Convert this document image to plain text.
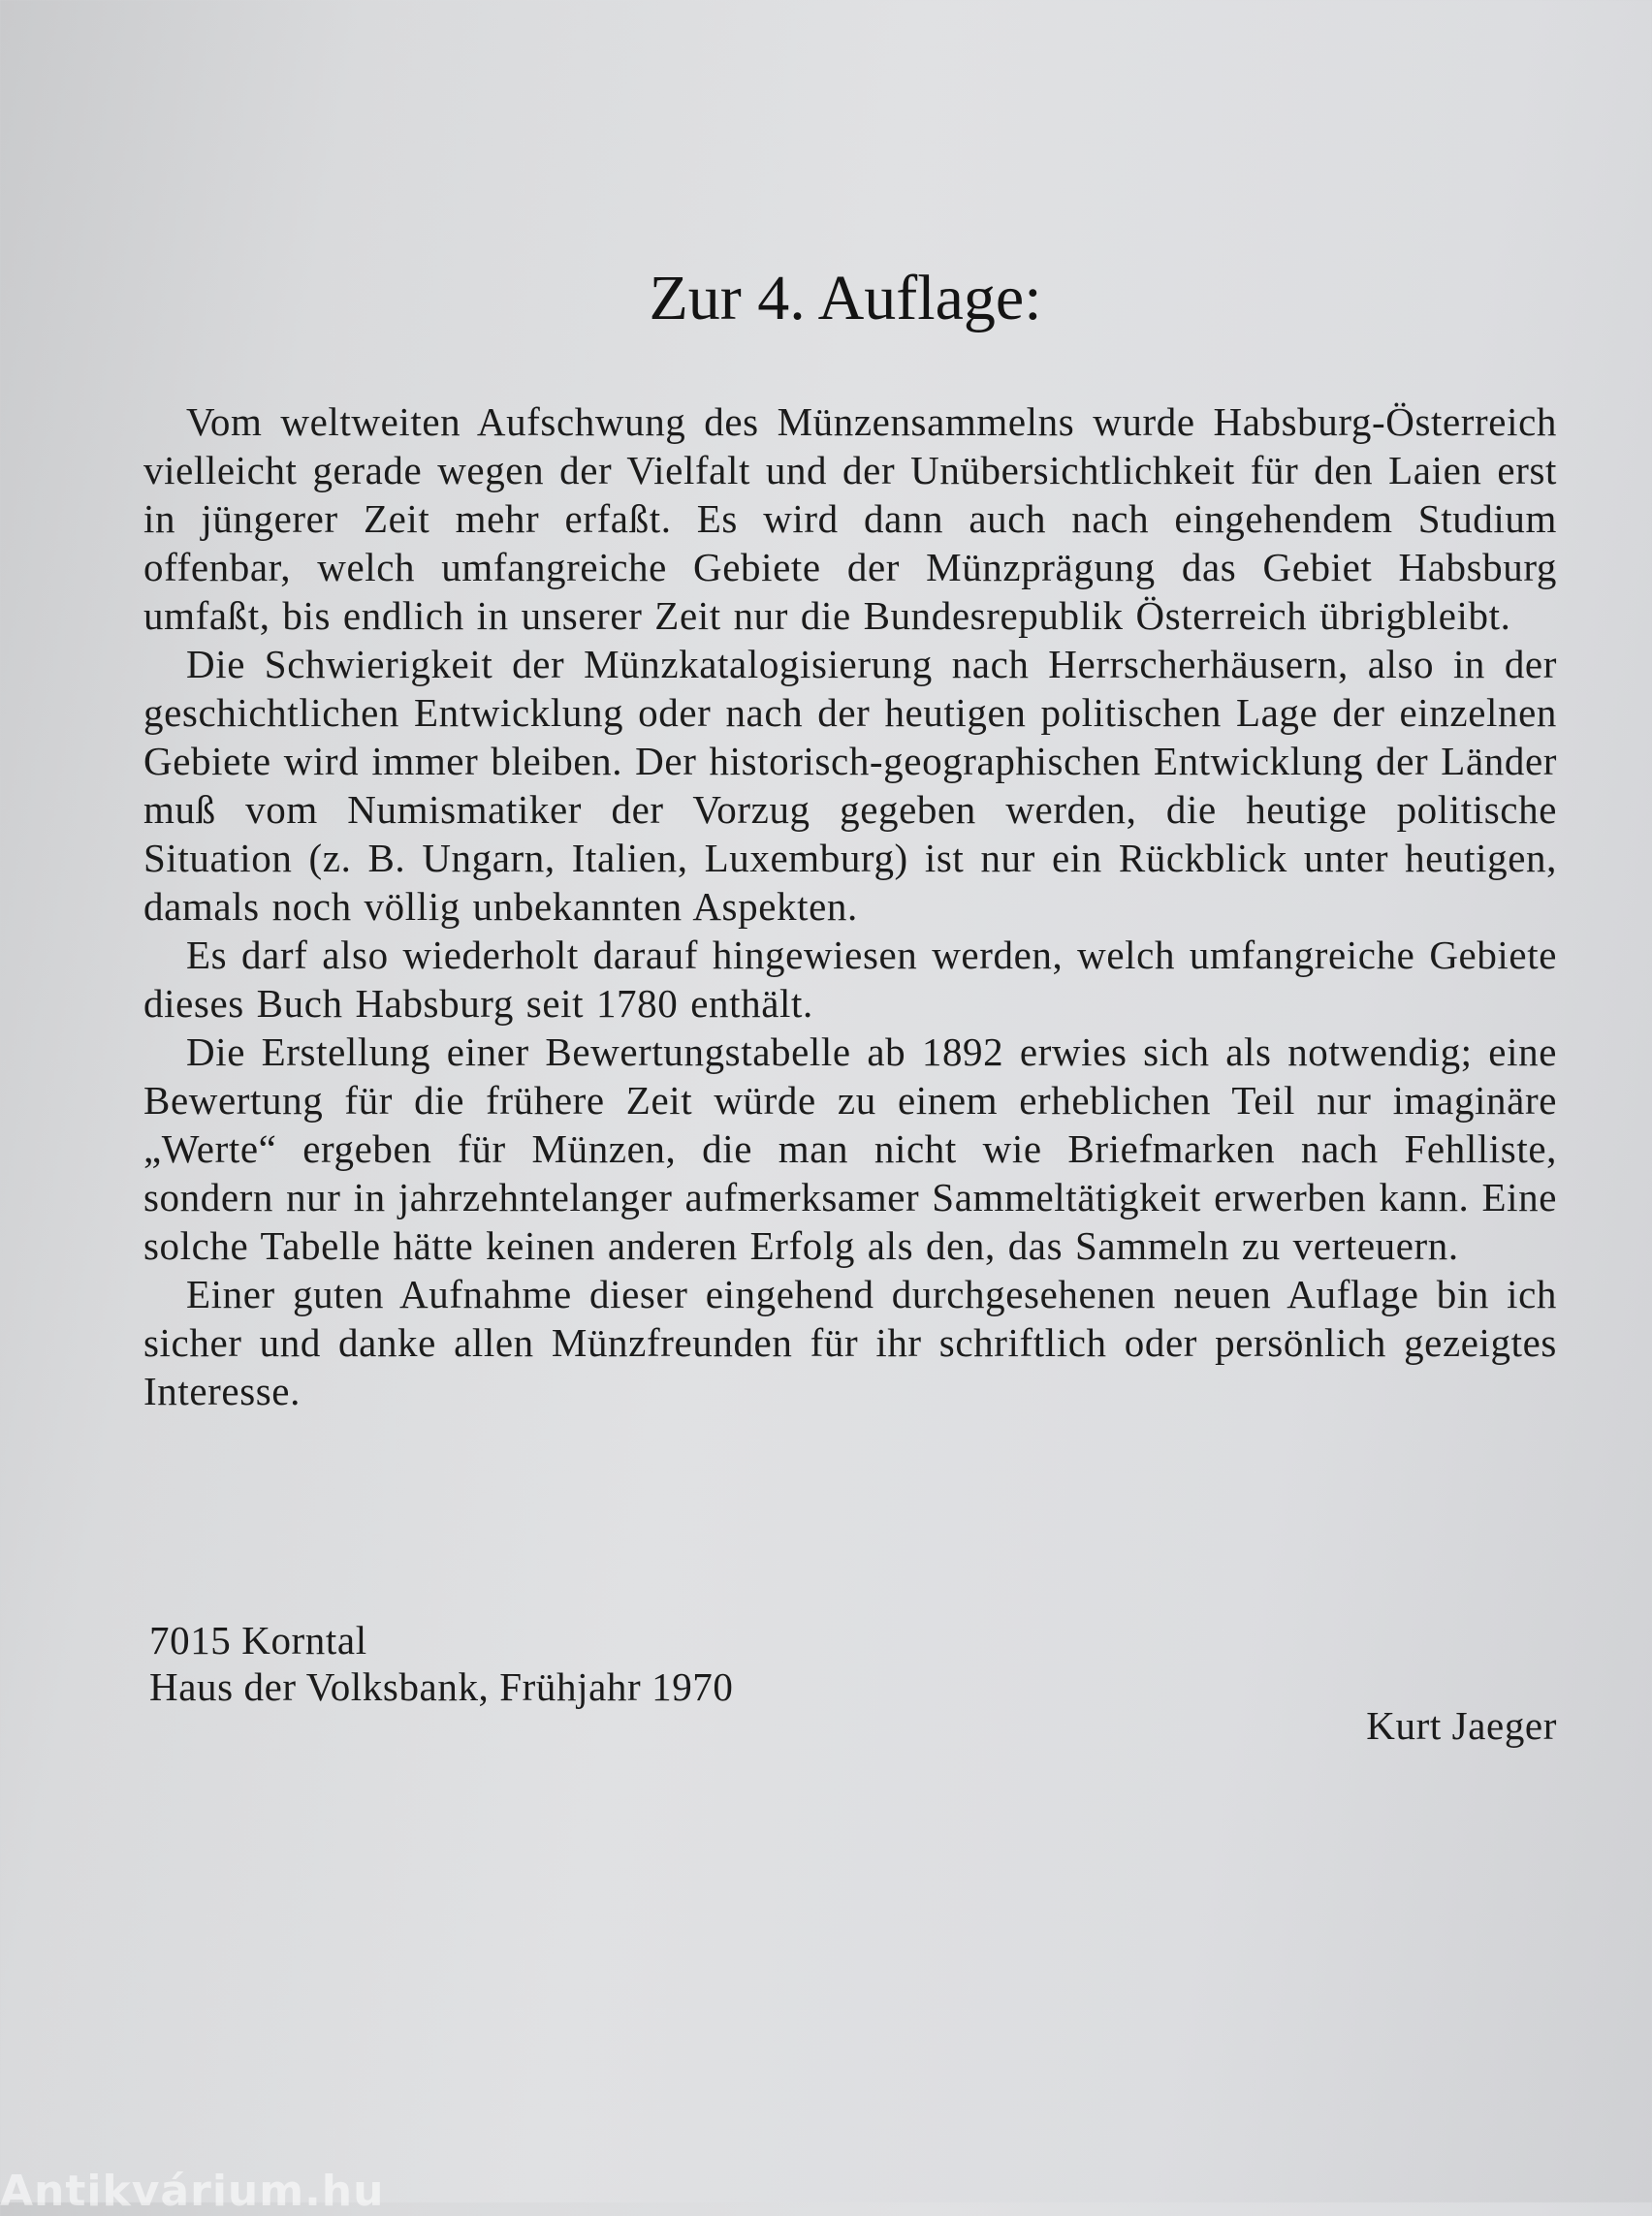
Zur 4. Auflage:

Vom weltweiten Aufschwung des Münzensammelns wurde Habsburg-Österreich vielleicht gerade wegen der Vielfalt und der Unübersichtlichkeit für den Laien erst in jüngerer Zeit mehr erfaßt. Es wird dann auch nach eingehendem Studium offenbar, welch umfangreiche Gebiete der Münzprägung das Gebiet Habsburg umfaßt, bis endlich in unserer Zeit nur die Bundesrepublik Österreich übrigbleibt.

Die Schwierigkeit der Münzkatalogisierung nach Herrscherhäusern, also in der geschichtlichen Entwicklung oder nach der heutigen politischen Lage der einzelnen Gebiete wird immer bleiben. Der historisch-geographischen Entwicklung der Länder muß vom Numismatiker der Vorzug gegeben werden, die heutige politische Situation (z. B. Ungarn, Italien, Luxemburg) ist nur ein Rückblick unter heutigen, damals noch völlig unbekannten Aspekten.

Es darf also wiederholt darauf hingewiesen werden, welch umfangreiche Gebiete dieses Buch Habsburg seit 1780 enthält.

Die Erstellung einer Bewertungstabelle ab 1892 erwies sich als notwendig; eine Bewertung für die frühere Zeit würde zu einem erheblichen Teil nur imaginäre „Werte“ ergeben für Münzen, die man nicht wie Briefmarken nach Fehlliste, sondern nur in jahrzehntelanger aufmerksamer Sammeltätigkeit erwerben kann. Eine solche Tabelle hätte keinen anderen Erfolg als den, das Sammeln zu verteuern.

Einer guten Aufnahme dieser eingehend durchgesehenen neuen Auflage bin ich sicher und danke allen Münzfreunden für ihr schriftlich oder persönlich gezeigtes Interesse.

7015 Korntal
Haus der Volksbank, Frühjahr 1970
Kurt Jaeger
Antikvárium.hu
